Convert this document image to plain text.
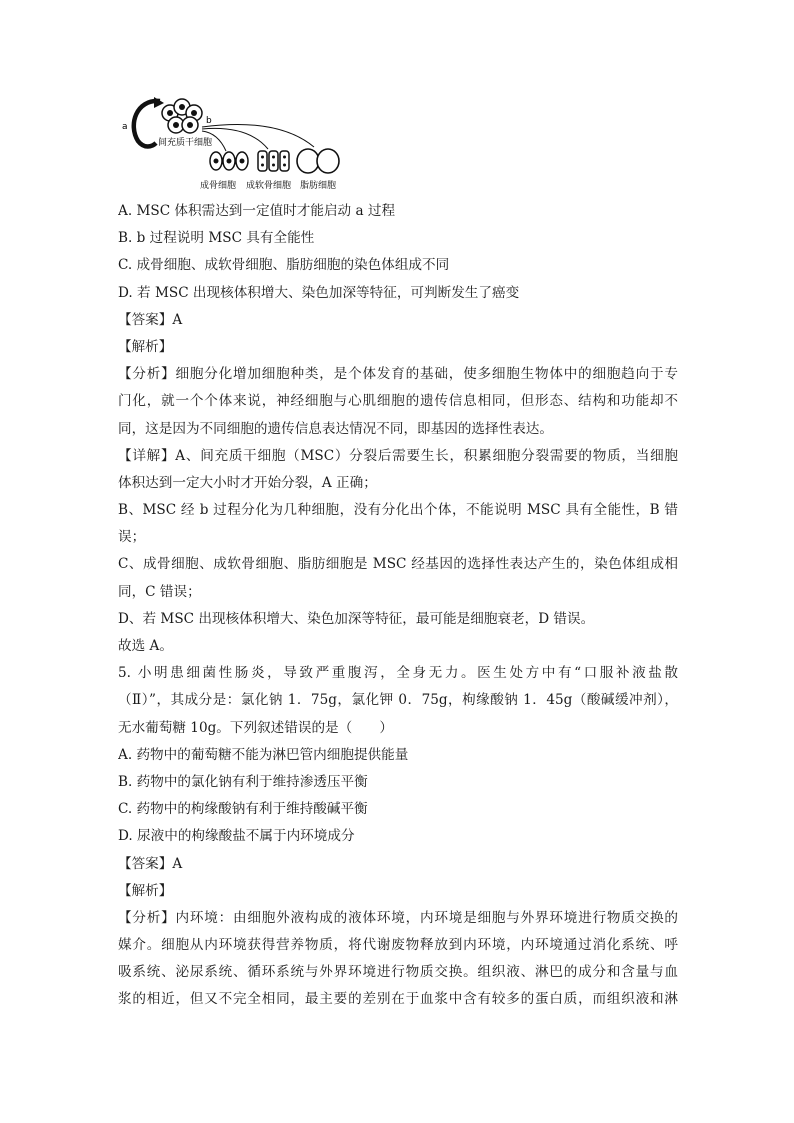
a
间充质干细胞
b
成骨细胞 成软骨细胞 脂肪细胞
A. MSC 体积需达到一定值时才能启动 a 过程
B. b 过程说明 MSC 具有全能性
C. 成骨细胞、成软骨细胞、脂肪细胞的染色体组成不同
D. 若 MSC 出现核体积增大、染色加深等特征，可判断发生了癌变
【答案】A
【解析】
【分析】细胞分化增加细胞种类，是个体发育的基础，使多细胞生物体中的细胞趋向于专
门化，就一个个体来说，神经细胞与心肌细胞的遗传信息相同，但形态、结构和功能却不
同，这是因为不同细胞的遗传信息表达情况不同，即基因的选择性表达。
【详解】A、间充质干细胞（MSC）分裂后需要生长，积累细胞分裂需要的物质，当细胞
体积达到一定大小时才开始分裂，A 正确；
B、MSC 经 b 过程分化为几种细胞，没有分化出个体，不能说明 MSC 具有全能性，B 错
误；
C、成骨细胞、成软骨细胞、脂肪细胞是 MSC 经基因的选择性表达产生的，染色体组成相
同，C 错误；
D、若 MSC 出现核体积增大、染色加深等特征，最可能是细胞衰老，D 错误。
故选 A。
5. 小明患细菌性肠炎，导致严重腹泻，全身无力。医生处方中有“口服补液盐散
（Ⅱ）”，其成分是：氯化钠 1．75g，氯化钾 0．75g，枸缘酸钠 1．45g（酸碱缓冲剂），
无水葡萄糖 10g。下列叙述错误的是（　　）
A. 药物中的葡萄糖不能为淋巴管内细胞提供能量
B. 药物中的氯化钠有利于维持渗透压平衡
C. 药物中的枸缘酸钠有利于维持酸碱平衡
D. 尿液中的枸缘酸盐不属于内环境成分
【答案】A
【解析】
【分析】内环境：由细胞外液构成的液体环境，内环境是细胞与外界环境进行物质交换的
媒介。细胞从内环境获得营养物质，将代谢废物释放到内环境，内环境通过消化系统、呼
吸系统、泌尿系统、循环系统与外界环境进行物质交换。组织液、淋巴的成分和含量与血
浆的相近，但又不完全相同，最主要的差别在于血浆中含有较多的蛋白质，而组织液和淋
